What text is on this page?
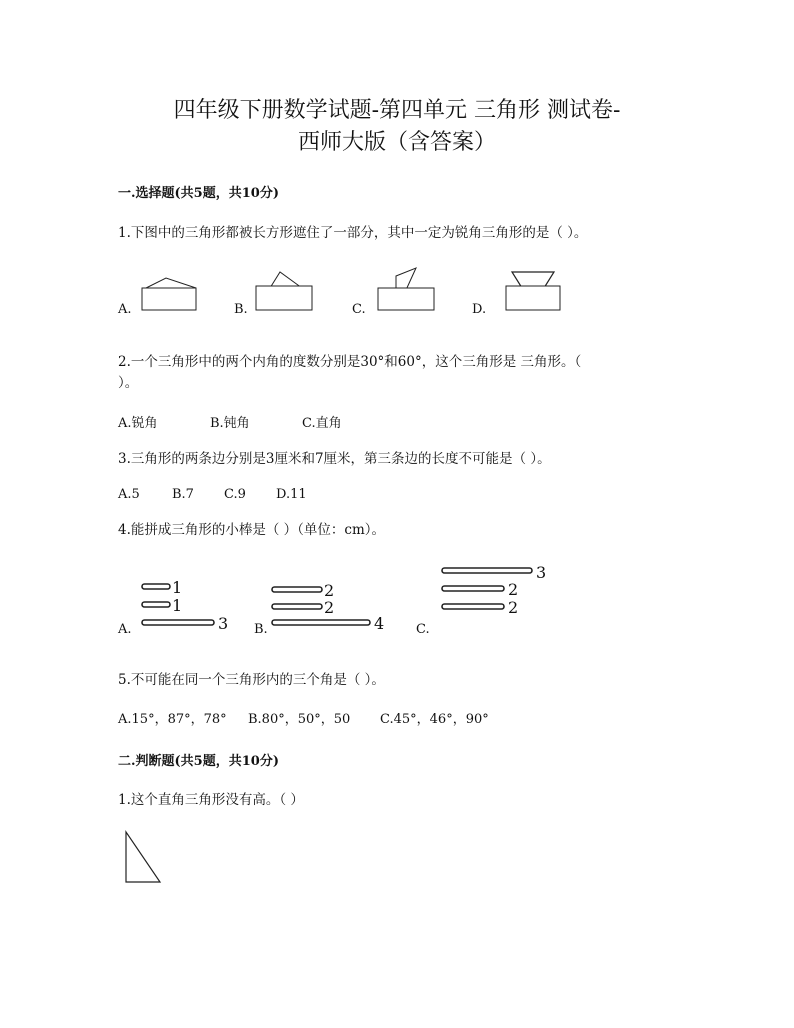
四年级下册数学试题-第四单元 三角形 测试卷-
西师大版（含答案）
一.选择题(共5题，共10分)
1.下图中的三角形都被长方形遮住了一部分，其中一定为锐角三角形的是（ ）。
A.	B.	C.	D.
2.一个三角形中的两个内角的度数分别是30°和60°，这个三角形是 三角形。（
）。
A.锐角	B.钝角	C.直角
3.三角形的两条边分别是3厘米和7厘米，第三条边的长度不可能是（ ）。
A.5 B.7 C.9 D.11
4.能拼成三角形的小棒是（ ）（单位：cm）。
A.
1
1
3 B.
2
2
4 C.
3
2
2
5.不可能在同一个三角形内的三个角是（ ）。
A.15°，87°，78° B.80°，50°，50 C.45°，46°，90°
二.判断题(共5题，共10分)
1.这个直角三角形没有高。（ ）
